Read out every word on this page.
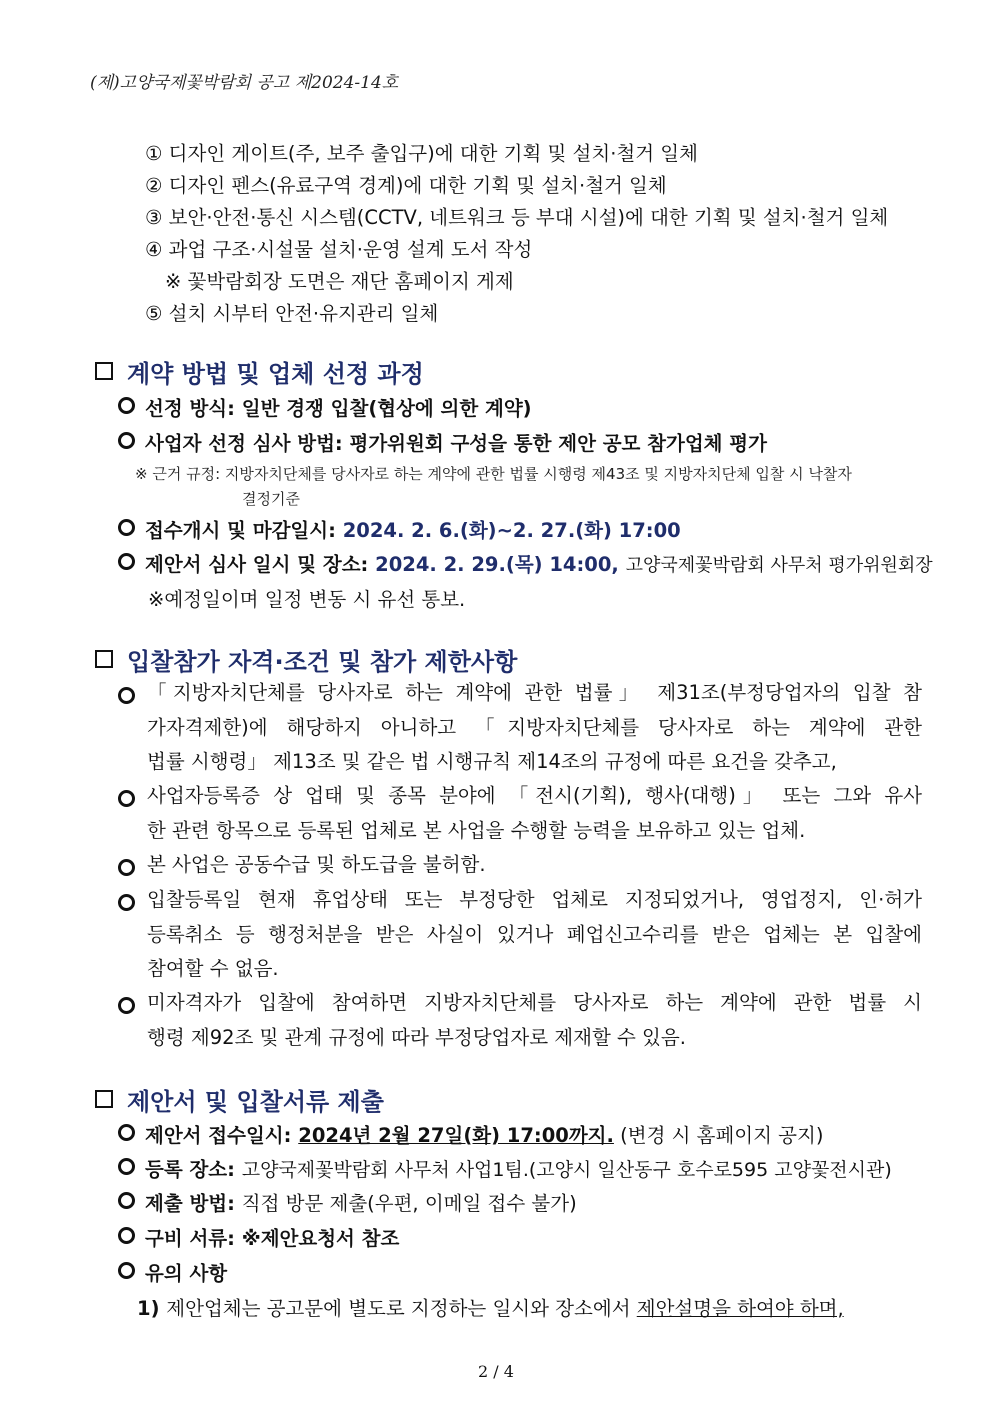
(제)고양국제꽃박람회 공고 제2024-14호
① 디자인 게이트(주, 보주 출입구)에 대한 기획 및 설치·철거 일체
② 디자인 펜스(유료구역 경계)에 대한 기획 및 설치·철거 일체
③ 보안·안전·통신 시스템(CCTV, 네트워크 등 부대 시설)에 대한 기획 및 설치·철거 일체
④ 과업 구조·시설물 설치·운영 설계 도서 작성
※ 꽃박람회장 도면은 재단 홈페이지 게제
⑤ 설치 시부터 안전·유지관리 일체
계약 방법 및 업체 선정 과정
선정 방식: 일반 경쟁 입찰(협상에 의한 계약)
사업자 선정 심사 방법: 평가위원회 구성을 통한 제안 공모 참가업체 평가
※ 근거 규정: 지방자치단체를 당사자로 하는 계약에 관한 법률 시행령 제43조 및 지방자치단체 입찰 시 낙찰자
결정기준
접수개시 및 마감일시: 2024. 2. 6.(화)~2. 27.(화) 17:00
제안서 심사 일시 및 장소: 2024. 2. 29.(목) 14:00, 고양국제꽃박람회 사무처 평가위원회장
※예정일이며 일정 변동 시 유선 통보.
입찰참가 자격·조건 및 참가 제한사항
「지방자치단체를 당사자로 하는 계약에 관한 법률」 제31조(부정당업자의 입찰 참
가자격제한)에 해당하지 아니하고 「지방자치단체를 당사자로 하는 계약에 관한
법률 시행령」 제13조 및 같은 법 시행규칙 제14조의 규정에 따른 요건을 갖추고,
사업자등록증 상 업태 및 종목 분야에 「전시(기획), 행사(대행)」 또는 그와 유사
한 관련 항목으로 등록된 업체로 본 사업을 수행할 능력을 보유하고 있는 업체.
본 사업은 공동수급 및 하도급을 불허함.
입찰등록일 현재 휴업상태 또는 부정당한 업체로 지정되었거나, 영업정지, 인·허가
등록취소 등 행정처분을 받은 사실이 있거나 폐업신고수리를 받은 업체는 본 입찰에
참여할 수 없음.
미자격자가 입찰에 참여하면 지방자치단체를 당사자로 하는 계약에 관한 법률 시
행령 제92조 및 관계 규정에 따라 부정당업자로 제재할 수 있음.
제안서 및 입찰서류 제출
제안서 접수일시: 2024년 2월 27일(화) 17:00까지. (변경 시 홈페이지 공지)
등록 장소: 고양국제꽃박람회 사무처 사업1팀.(고양시 일산동구 호수로595 고양꽃전시관)
제출 방법: 직접 방문 제출(우편, 이메일 접수 불가)
구비 서류: ※제안요청서 참조
유의 사항
1) 제안업체는 공고문에 별도로 지정하는 일시와 장소에서 제안설명을 하여야 하며,
2 / 4
